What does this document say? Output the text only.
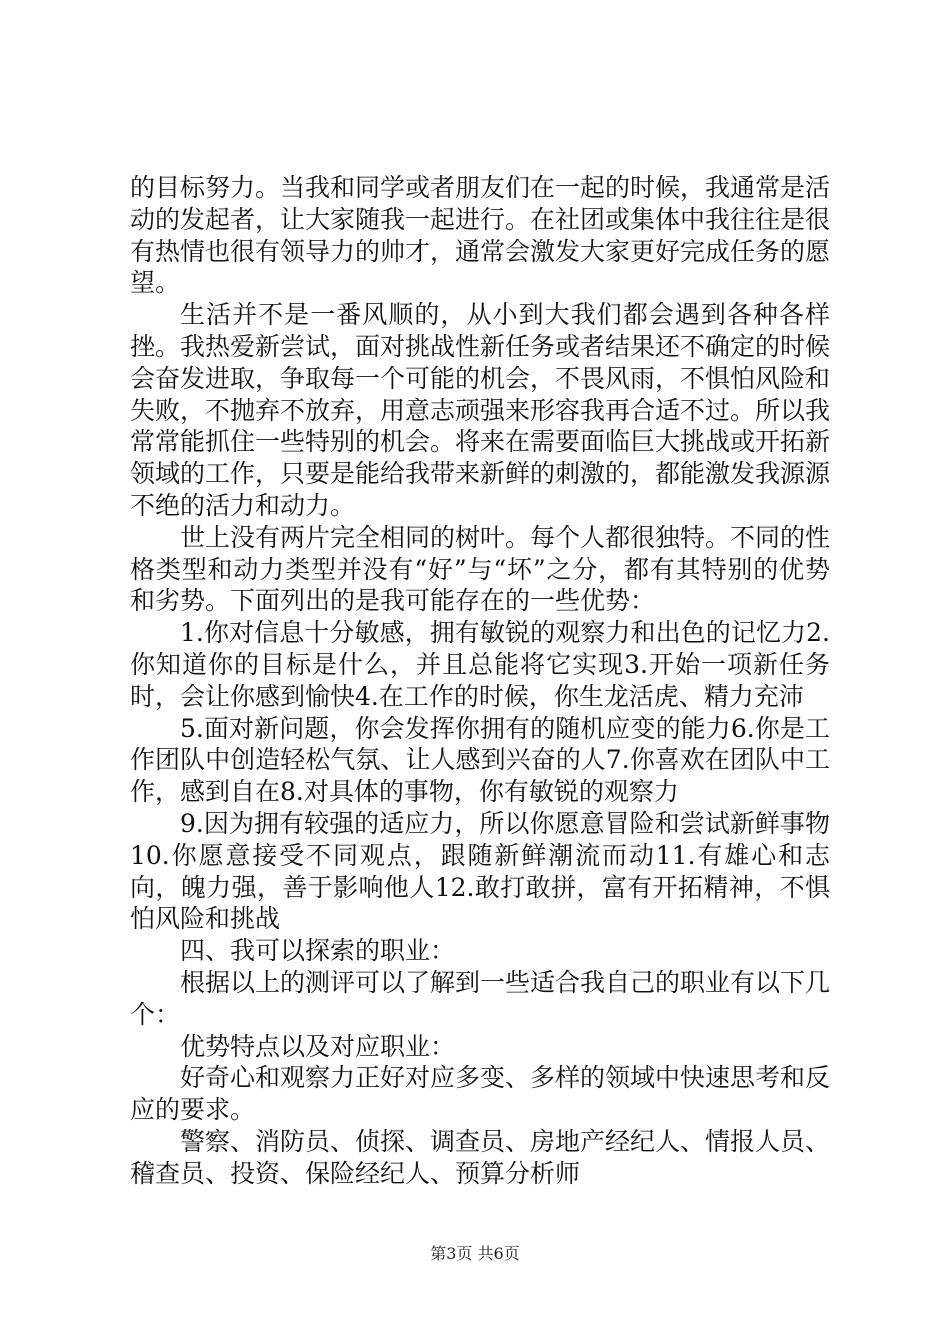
的目标努力。当我和同学或者朋友们在一起的时候，我通常是活动的发起者，让大家随我一起进行。在社团或集体中我往往是很有热情也很有领导力的帅才，通常会激发大家更好完成任务的愿望。

生活并不是一番风顺的，从小到大我们都会遇到各种各样挫。我热爱新尝试，面对挑战性新任务或者结果还不确定的时候会奋发进取，争取每一个可能的机会，不畏风雨，不惧怕风险和失败，不抛弃不放弃，用意志顽强来形容我再合适不过。所以我常常能抓住一些特别的机会。将来在需要面临巨大挑战或开拓新领域的工作，只要是能给我带来新鲜的刺激的，都能激发我源源不绝的活力和动力。

世上没有两片完全相同的树叶。每个人都很独特。不同的性格类型和动力类型并没有“好”与“坏”之分，都有其特别的优势和劣势。下面列出的是我可能存在的一些优势：

1.你对信息十分敏感，拥有敏锐的观察力和出色的记忆力2.你知道你的目标是什么，并且总能将它实现3.开始一项新任务时，会让你感到愉快4.在工作的时候，你生龙活虎、精力充沛

5.面对新问题，你会发挥你拥有的随机应变的能力6.你是工作团队中创造轻松气氛、让人感到兴奋的人7.你喜欢在团队中工作，感到自在8.对具体的事物，你有敏锐的观察力

9.因为拥有较强的适应力，所以你愿意冒险和尝试新鲜事物10.你愿意接受不同观点，跟随新鲜潮流而动11.有雄心和志向，魄力强，善于影响他人12.敢打敢拼，富有开拓精神，不惧怕风险和挑战

四、我可以探索的职业：

根据以上的测评可以了解到一些适合我自己的职业有以下几个：

优势特点以及对应职业：

好奇心和观察力正好对应多变、多样的领域中快速思考和反应的要求。

警察、消防员、侦探、调查员、房地产经纪人、情报人员、稽查员、投资、保险经纪人、预算分析师

第3页 共6页
